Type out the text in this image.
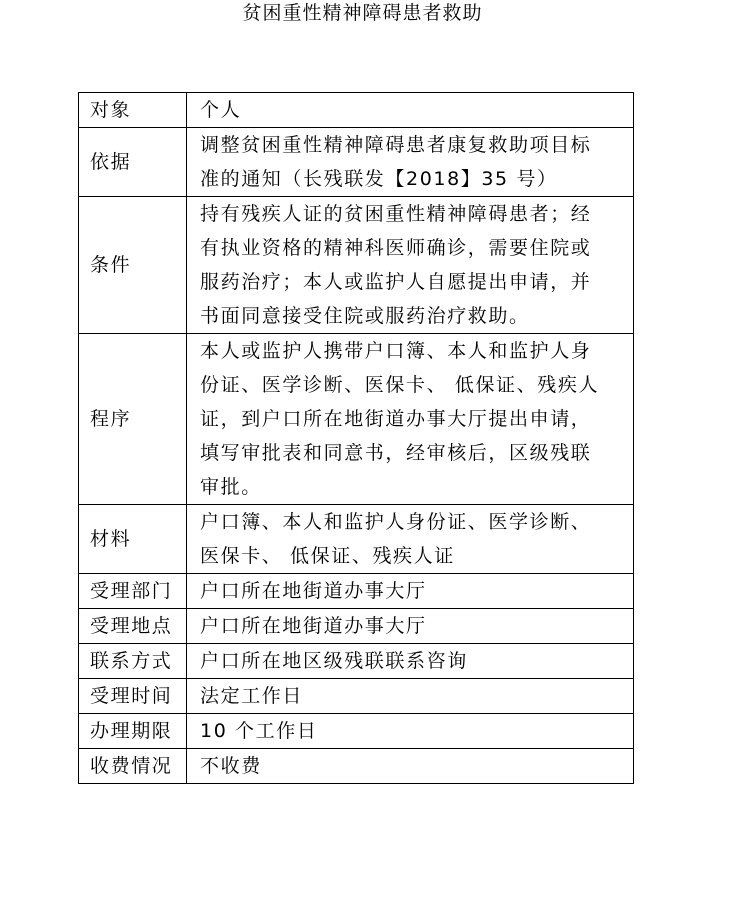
贫困重性精神障碍患者救助
对象	个人

依据	调整贫困重性精神障碍患者康复救助项目标
准的通知（长残联发【2018】35 号）

条件	持有残疾人证的贫困重性精神障碍患者；经
有执业资格的精神科医师确诊，需要住院或
服药治疗；本人或监护人自愿提出申请，并
书面同意接受住院或服药治疗救助。

程序	本人或监护人携带户口簿、本人和监护人身
份证、医学诊断、医保卡、 低保证、残疾人
证，到户口所在地街道办事大厅提出申请，
填写审批表和同意书，经审核后，区级残联
审批。

材料	户口簿、本人和监护人身份证、医学诊断、
医保卡、 低保证、残疾人证

受理部门	户口所在地街道办事大厅

受理地点	户口所在地街道办事大厅

联系方式	户口所在地区级残联联系咨询

受理时间	法定工作日

办理期限	10 个工作日

收费情况	不收费
